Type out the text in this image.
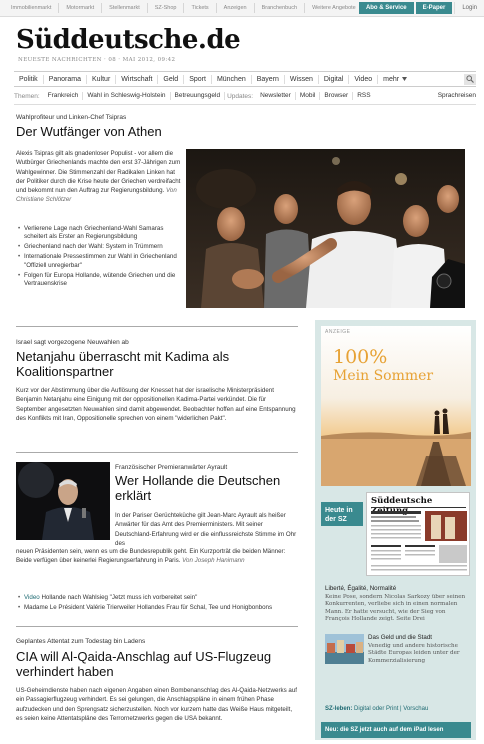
Immobilienmarkt	Motormarkt	Stellenmarkt	SZ-Shop	Tickets	Anzeigen	Branchenbuch	Weitere Angebote	Abo & Service	E-Paper	Login
Süddeutsche.de
NEUESTE NACHRICHTEN · 08 · MAI 2012, 09:42
Politik	Panorama	Kultur	Wirtschaft	Geld	Sport	München	Bayern	Wissen	Digital	Video	mehr
Themen:	Frankreich	Wahl in Schleswig-Holstein	Betreuungsgeld	Updates:	Newsletter	Mobil	Browser	RSS	Sprachreisen
Wahlprofiteur und Linken-Chef Tsipras
Der Wutfänger von Athen
Alexis Tsipras gilt als gnadenloser Populist - vor allem die Wutbürger Griechenlands machte den erst 37-Jährigen zum Wahlgewinner. Die Stimmenzahl der Radikalen Linken hat der Politiker durch die Krise heute der Griechen verdreifacht und bekommt nun den Auftrag zur Regierungsbildung. Von Christiane Schlötzer
• Verlierene Lage nach Griechenland-Wahl Samaras scheitert als Erster an Regierungsbildung
• Griechenland nach der Wahl: System in Trümmern
• Internationale Pressestimmen zur Wahl in Griechenland "Offiziell unregierbar"
• Folgen für Europa Hollande, wütende Griechen und die Vertrauenskrise
Israel sagt vorgezogene Neuwahlen ab
Netanjahu überrascht mit Kadima als Koalitionspartner
Kurz vor der Abstimmung über die Auflösung der Knesset hat der israelische Ministerpräsident Benjamin Netanjahu eine Einigung mit der oppositionellen Kadima-Partei verkündet. Die für September angesetzten Neuwahlen sind damit abgewendet. Beobachter hoffen auf eine Entspannung des Konflikts mit Iran, Oppositionelle sprechen von einem "widerlichen Pakt".
Französischer Premieranwärter Ayrault
Wer Hollande die Deutschen erklärt
In der Pariser Gerüchteküche gilt Jean-Marc Ayrault als heißer Anwärter für das Amt des Premierministers. Mit seiner Deutschland-Erfahrung wird er die einflussreichste Stimme im Ohr des
neuen Präsidenten sein, wenn es um die Bundesrepublik geht. Ein Kurzporträt die beiden Männer: Beide verfügen über keinerlei Regierungserfahrung in Paris. Von Joseph Hanimann
• Video Hollande nach Wahlsieg "Jetzt muss ich vorbereitet sein"
• Madame Le Président Valérie Trierweiler Hollandes Frau für Schal, Tee und Honigbonbons
Geplantes Attentat zum Todestag bin Ladens
CIA will Al-Qaida-Anschlag auf US-Flugzeug verhindert haben
US-Geheimdienste haben nach eigenen Angaben einen Bombenanschlag des Al-Qaida-Netzwerks auf ein Passagierflugzeug verhindert. Es sei gelungen, die Anschlagspläne in einem frühen Phase aufzudecken und den Sprengsatz sicherzustellen. Noch vor kurzem hatte das Weiße Haus mitgeteilt, es seien keine Attentatspläne des Terrornetzwerks gegen die USA bekannt.
ANZEIGE
100%
Mein Sommer
Heute in der SZ
Süddeutsche
Liberté, Égalité, Normalité
Keine Pose, sondern Nicolas Sarkozy über seinen Konkurrenten, verliebe sich in einen normalen Mann. Er hatte versucht, wie der Sieg von François Hollande zeigt. Seite Drei
Das Geld und die Stadt
Venedig und andere historische Städte Europas leiden unter der Kommerzialisierung
SZ-leben: Digital oder Print | Vorschau
Neu: die SZ jetzt auch auf dem iPad lesen
